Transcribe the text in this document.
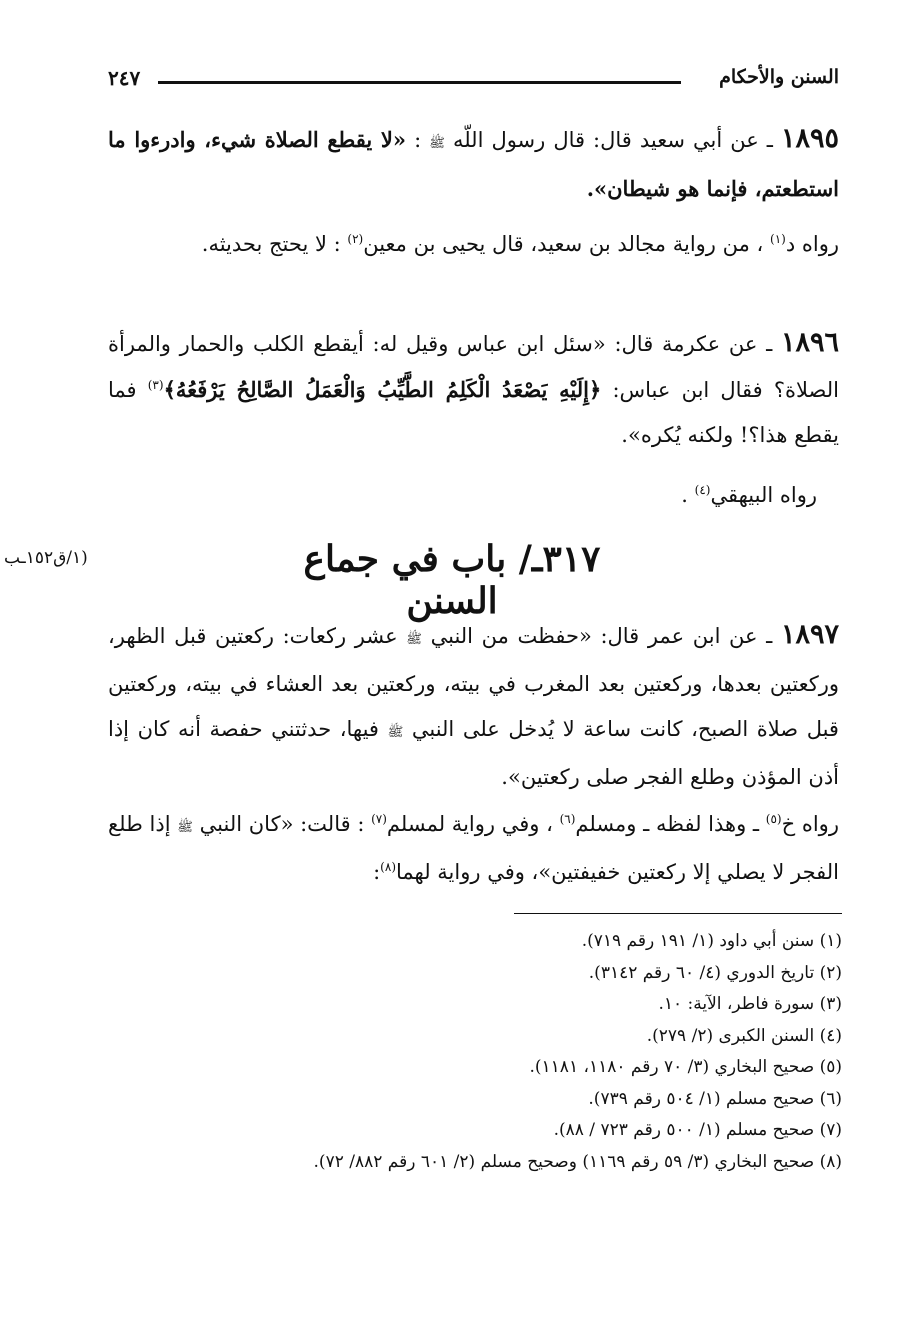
السنن والأحكام
٢٤٧
١٨٩٥ ـ عن أبي سعيد قال: قال رسول اللّه ﷺ : «لا يقطع الصلاة شيء، وادرءوا ما استطعتم، فإنما هو شيطان».
رواه د$^{(١)}$ ، من رواية مجالد بن سعيد، قال يحيى بن معين$^{(٢)}$ : لا يحتج بحديثه.
١٨٩٦ ـ عن عكرمة قال: «سئل ابن عباس وقيل له: أيقطع الكلب والحمار والمرأة الصلاة؟ فقال ابن عباس: ﴿إِلَيْهِ يَصْعَدُ الْكَلِمُ الطَّيِّبُ وَالْعَمَلُ الصَّالِحُ يَرْفَعُهُ﴾$^{(٣)}$ فما يقطع هذا؟! ولكنه يُكره».
رواه البيهقي$^{(٤)}$ .
٣١٧ـ/ باب في جماع السنن
(١/ق١٥٢ـب
١٨٩٧ ـ عن ابن عمر قال: «حفظت من النبي ﷺ عشر ركعات: ركعتين قبل الظهر، وركعتين بعدها، وركعتين بعد المغرب في بيته، وركعتين بعد العشاء في بيته، وركعتين قبل صلاة الصبح، كانت ساعة لا يُدخل على النبي ﷺ فيها، حدثتني حفصة أنه كان إذا أذن المؤذن وطلع الفجر صلى ركعتين».
رواه خ$^{(٥)}$ ـ وهذا لفظه ـ ومسلم$^{(٦)}$ ، وفي رواية لمسلم$^{(٧)}$ : قالت: «كان النبي ﷺ إذا طلع الفجر لا يصلي إلا ركعتين خفيفتين»، وفي رواية لهما$^{(٨)}$:
(١) سنن أبي داود (١/ ١٩١ رقم ٧١٩).
(٢) تاريخ الدوري (٤/ ٦٠ رقم ٣١٤٢).
(٣) سورة فاطر، الآية: ١٠.
(٤) السنن الكبرى (٢/ ٢٧٩).
(٥) صحيح البخاري (٣/ ٧٠ رقم ١١٨٠، ١١٨١).
(٦) صحيح مسلم (١/ ٥٠٤ رقم ٧٣٩).
(٧) صحيح مسلم (١/ ٥٠٠ رقم ٧٢٣ / ٨٨).
(٨) صحيح البخاري (٣/ ٥٩ رقم ١١٦٩) وصحيح مسلم (٢/ ٦٠١ رقم ٨٨٢/ ٧٢).
